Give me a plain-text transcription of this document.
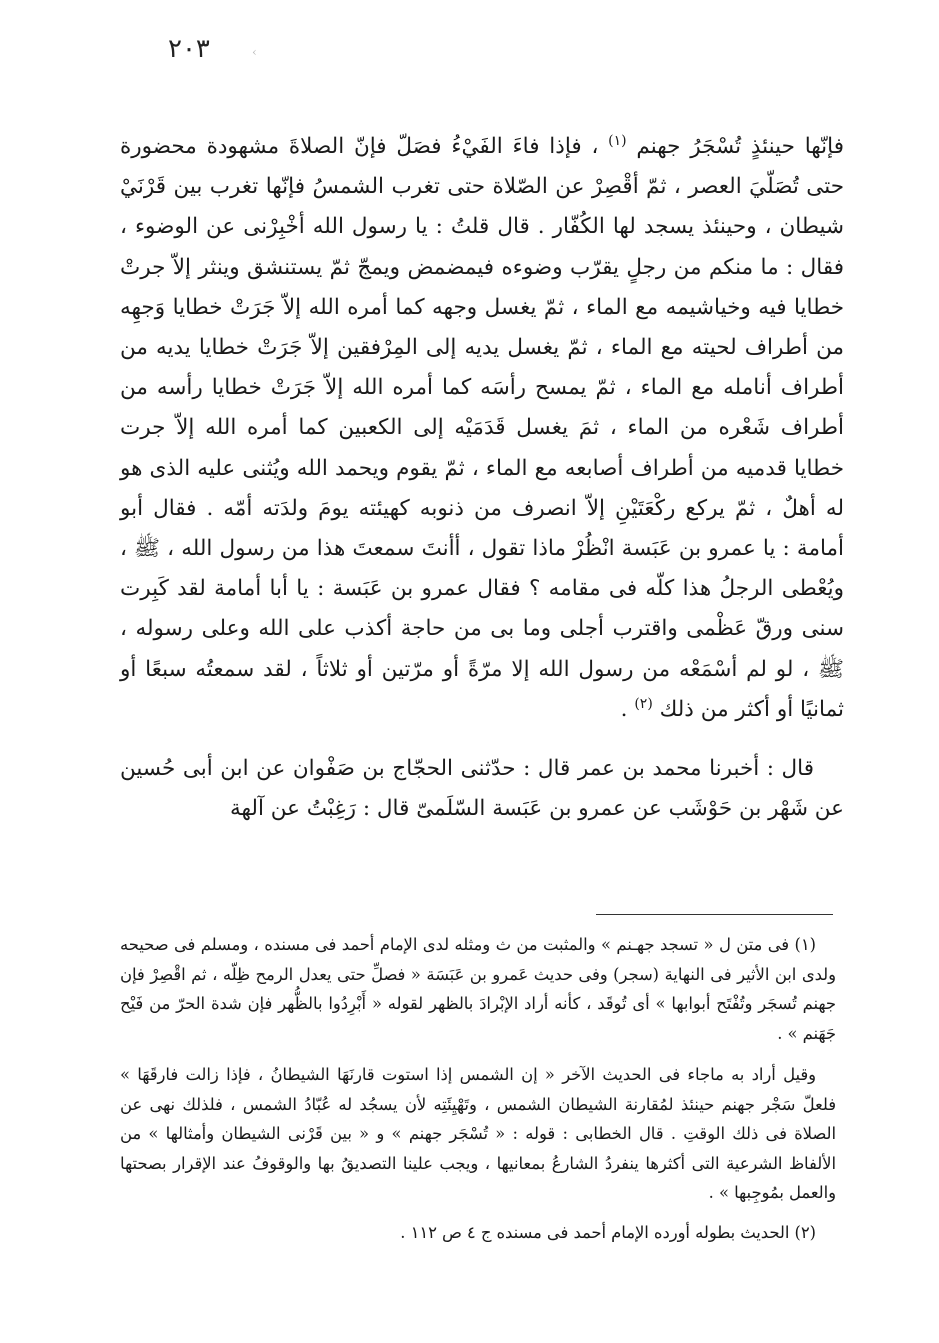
٢٠٣	‹

فإنّها حينئذٍ تُسْجَرُ جهنم $^{(١)}$ ، فإذا فاءَ الفَيْءُ فصَلّ فإنّ الصلاةَ مشهودة محضورة حتى تُصَلّيَ العصر ، ثمّ أقْصِرْ عن الصّلاة حتى تغرب الشمسُ فإنّها تغرب بين قَرْنَيْ شيطان ، وحينئذ يسجد لها الكُفّار . قال قلتُ : يا رسول الله أخْبِرْنى عن الوضوء ، فقال : ما منكم من رجلٍ يقرّب وضوءه فيمضمض ويمجّ ثمّ يستنشق وينثر إلاّ جرتْ خطايا فيه وخياشيمه مع الماء ، ثمّ يغسل وجهه كما أمره الله إلاّ جَرَتْ خطايا وَجهِه من أطراف لحيته مع الماء ، ثمّ يغسل يديه إلى المِرْفقين إلاّ جَرَتْ خطايا يديه من أطراف أنامله مع الماء ، ثمّ يمسح رأسَه كما أمره الله إلاّ جَرَتْ خطايا رأسه من أطراف شَعْره من الماء ، ثمَ يغسل قَدَمَيْه إلى الكعبين كما أمره الله إلاّ جرت خطايا قدميه من أطراف أصابعه مع الماء ، ثمّ يقوم ويحمد الله ويُثنى عليه الذى هو له أهلٌ ، ثمّ يركع ركْعَتَيْنِ إلاّ انصرف من ذنوبه كهيئته يومَ ولدَته أمّه . فقال أبو أمامة : يا عمرو بن عَبَسة انْظُرْ ماذا تقول ، أأنتَ سمعتَ هذا من رسول الله ، ﷺ ، ويُعْطى الرجلُ هذا كلّه فى مقامه ؟ فقال عمرو بن عَبَسة : يا أبا أمامة لقد كَبِرت سنى ورقّ عَظْمى واقترب أجلى وما بى من حاجة أكذب على الله وعلى رسوله ، ﷺ ، لو لم أسْمَعْه من رسول الله إلا مرّةً أو مرّتين أو ثلاثاً ، لقد سمعتُه سبعًا أو ثمانيًا أو أكثر من ذلك $^{(٢)}$ .

قال : أخبرنا محمد بن عمر قال : حدّثنى الحجّاج بن صَفْوان عن ابن أبى حُسين عن شَهْر بن حَوْشَب عن عمرو بن عَبَسة السّلَمىّ قال : رَغِبْتُ عن آلهة

(١) فى متن ل « تسجد جهـنم » والمثبت من ث ومثله لدى الإمام أحمد فى مسنده ، ومسلم فى صحيحه ولدى ابن الأثير فى النهاية (سجر) وفى حديث عَمرو بن عَبَسَة « فصلِّ حتى يعدل الرمح ظِلّه ، ثم اقْصِرْ فإن جهنم تُسجَر وتُفْتَح أبوابها » أى تُوقَد ، كأنه أراد الإبْرادَ بالظهر لقوله « أَبْرِدُوا بالظُّهر فإن شدة الحرّ من فَيْح جَهَنم » .

وقيل أراد به ماجاء فى الحديث الآخر « إن الشمس إذا استوت قارنَهَا الشيطانُ ، فإذا زالت فارقَهَا » فلعلّ سَجْر جهنم حينئذ لمُقارنة الشيطان الشمس ، وتَهْيِئَتِه لأن يسجُد له عُبّادُ الشمس ، فلذلك نهى عن الصلاة فى ذلك الوقتِ . قال الخطابى : قوله : « تُسْجَر جهنم » و « بين قَرْنى الشيطان وأمثالها » من الألفاظ الشرعية التى أكثرها ينفردُ الشارعُ بمعانيها ، ويجب علينا التصديقُ بها والوقوفُ عند الإقرار بصحتها والعمل بمُوجِبها » .

(٢) الحديث بطوله أورده الإمام أحمد فى مسنده ج ٤ ص ١١٢ .
